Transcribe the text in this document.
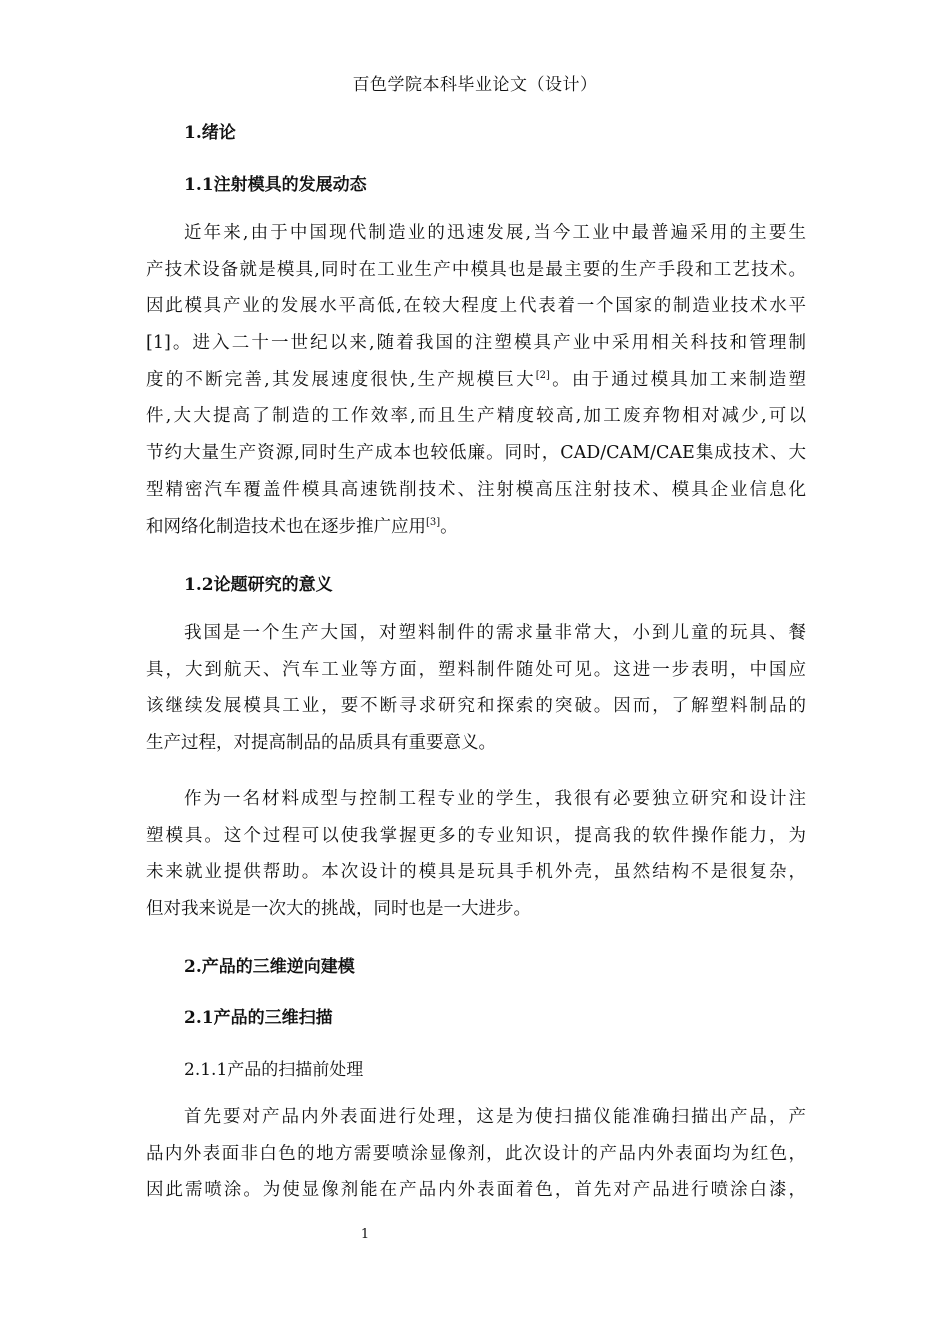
百色学院本科毕业论文（设计）
1.绪论
1.1注射模具的发展动态
近年来,由于中国现代制造业的迅速发展,当今工业中最普遍采用的主要生
产技术设备就是模具,同时在工业生产中模具也是最主要的生产手段和工艺技术。
因此模具产业的发展水平高低,在较大程度上代表着一个国家的制造业技术水平
[1]。进入二十一世纪以来,随着我国的注塑模具产业中采用相关科技和管理制
度的不断完善,其发展速度很快,生产规模巨大[2]。由于通过模具加工来制造塑
件,大大提高了制造的工作效率,而且生产精度较高,加工废弃物相对减少,可以
节约大量生产资源,同时生产成本也较低廉。同时，CAD/CAM/CAE集成技术、大
型精密汽车覆盖件模具高速铣削技术、注射模高压注射技术、模具企业信息化
和网络化制造技术也在逐步推广应用[3]。
1.2论题研究的意义
我国是一个生产大国，对塑料制件的需求量非常大，小到儿童的玩具、餐
具，大到航天、汽车工业等方面，塑料制件随处可见。这进一步表明，中国应
该继续发展模具工业，要不断寻求研究和探索的突破。因而，了解塑料制品的
生产过程，对提高制品的品质具有重要意义。
作为一名材料成型与控制工程专业的学生，我很有必要独立研究和设计注
塑模具。这个过程可以使我掌握更多的专业知识，提高我的软件操作能力，为
未来就业提供帮助。本次设计的模具是玩具手机外壳，虽然结构不是很复杂，
但对我来说是一次大的挑战，同时也是一大进步。
2.产品的三维逆向建模
2.1产品的三维扫描
2.1.1产品的扫描前处理
首先要对产品内外表面进行处理，这是为使扫描仪能准确扫描出产品，产
品内外表面非白色的地方需要喷涂显像剂，此次设计的产品内外表面均为红色，
因此需喷涂。为使显像剂能在产品内外表面着色，首先对产品进行喷涂白漆，
1
